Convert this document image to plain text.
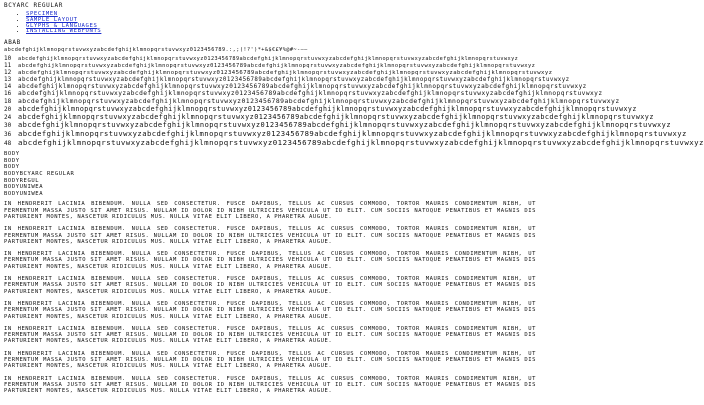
BCYARC REGULAR
• SPECIMEN
• SAMPLE LAYOUT
• GLYPHS & LANGUAGES
• INSTALLING WEBFONTS
ABAB
abcdefghijklmnopqrstuvwxyzabcdefghijklmnopqrstuvwxyz0123456789.:,;(!?')*+&$€£¥%@#~-–—
10	abcdefghijklmnopqrstuvwxyzabcdefghijklmnopqrstuvwxyz0123456789abcdefghijklmnopqrstuvwxyzabcdefghijklmnopqrstuvwxyzabcdefghijklmnopqrstuvwxyz
11	abcdefghijklmnopqrstuvwxyzabcdefghijklmnopqrstuvwxyz0123456789abcdefghijklmnopqrstuvwxyzabcdefghijklmnopqrstuvwxyzabcdefghijklmnopqrstuvwxyz
12	abcdefghijklmnopqrstuvwxyzabcdefghijklmnopqrstuvwxyz0123456789abcdefghijklmnopqrstuvwxyzabcdefghijklmnopqrstuvwxyzabcdefghijklmnopqrstuvwxyz
13	abcdefghijklmnopqrstuvwxyzabcdefghijklmnopqrstuvwxyz0123456789abcdefghijklmnopqrstuvwxyzabcdefghijklmnopqrstuvwxyzabcdefghijklmnopqrstuvwxyz
14	abcdefghijklmnopqrstuvwxyzabcdefghijklmnopqrstuvwxyz0123456789abcdefghijklmnopqrstuvwxyzabcdefghijklmnopqrstuvwxyzabcdefghijklmnopqrstuvwxyz
16	abcdefghijklmnopqrstuvwxyzabcdefghijklmnopqrstuvwxyz0123456789abcdefghijklmnopqrstuvwxyzabcdefghijklmnopqrstuvwxyzabcdefghijklmnopqrstuvwxyz
18	abcdefghijklmnopqrstuvwxyzabcdefghijklmnopqrstuvwxyz0123456789abcdefghijklmnopqrstuvwxyzabcdefghijklmnopqrstuvwxyzabcdefghijklmnopqrstuvwxyz
20	abcdefghijklmnopqrstuvwxyzabcdefghijklmnopqrstuvwxyz0123456789abcdefghijklmnopqrstuvwxyzabcdefghijklmnopqrstuvwxyzabcdefghijklmnopqrstuvwxyz
24 abcdefghijklmnopqrstuvwxyzabcdefghijklmnopqrstuvwxyz0123456789abcdefghijklmnopqrstuvwxyzabcdefghijklmnopqrstuvwxyzabcdefghijklmnopqrstuvwxyz
30 abcdefghijklmnopqrstuvwxyzabcdefghijklmnopqrstuvwxyz0123456789abcdefghijklmnopqrstuvwxyzabcdefghijklmnopqrstuvwxyzabcdefghijklmnopqrstuvwxyz
36 abcdefghijklmnopqrstuvwxyzabcdefghijklmnopqrstuvwxyz0123456789abcdefghijklmnopqrstuvwxyzabcdefghijklmnopqrstuvwxyzabcdefghijklmnopqrstuvwxyz
48 abcdefghijklmnopqrstuvwxyzabcdefghijklmnopqrstuvwxyz0123456789abcdefghijklmnopqrstuvwxyzabcdefghijklmnopqrstuvwxyzabcdefghijklmnopqrstuvwxyz
BODY
BODY
BODY
BODYBCYARC REGULAR
BODYREGUL
BODYUNIWEA
BODYUNIWEA

IN HENDRERIT LACINIA BIBENDUM. NULLA SED CONSECTETUR. FUSCE DAPIBUS, TELLUS AC CURSUS COMMODO, TORTOR MAURIS CONDIMENTUM NIBH, UT FERMENTUM MASSA JUSTO SIT AMET RISUS. NULLAM ID DOLOR ID NIBH ULTRICIES VEHICULA UT ID ELIT. CUM SOCIIS NATOQUE PENATIBUS ET MAGNIS DIS PARTURIENT MONTES, NASCETUR RIDICULUS MUS. NULLA VITAE ELIT LIBERO, A PHARETRA AUGUE.

IN HENDRERIT LACINIA BIBENDUM. NULLA SED CONSECTETUR. FUSCE DAPIBUS, TELLUS AC CURSUS COMMODO, TORTOR MAURIS CONDIMENTUM NIBH, UT FERMENTUM MASSA JUSTO SIT AMET RISUS. NULLAM ID DOLOR ID NIBH ULTRICIES VEHICULA UT ID ELIT. CUM SOCIIS NATOQUE PENATIBUS ET MAGNIS DIS PARTURIENT MONTES, NASCETUR RIDICULUS MUS. NULLA VITAE ELIT LIBERO, A PHARETRA AUGUE.

IN HENDRERIT LACINIA BIBENDUM. NULLA SED CONSECTETUR. FUSCE DAPIBUS, TELLUS AC CURSUS COMMODO, TORTOR MAURIS CONDIMENTUM NIBH, UT FERMENTUM MASSA JUSTO SIT AMET RISUS. NULLAM ID DOLOR ID NIBH ULTRICIES VEHICULA UT ID ELIT. CUM SOCIIS NATOQUE PENATIBUS ET MAGNIS DIS PARTURIENT MONTES, NASCETUR RIDICULUS MUS. NULLA VITAE ELIT LIBERO, A PHARETRA AUGUE.

IN HENDRERIT LACINIA BIBENDUM. NULLA SED CONSECTETUR. FUSCE DAPIBUS, TELLUS AC CURSUS COMMODO, TORTOR MAURIS CONDIMENTUM NIBH, UT FERMENTUM MASSA JUSTO SIT AMET RISUS. NULLAM ID DOLOR ID NIBH ULTRICIES VEHICULA UT ID ELIT. CUM SOCIIS NATOQUE PENATIBUS ET MAGNIS DIS PARTURIENT MONTES, NASCETUR RIDICULUS MUS. NULLA VITAE ELIT LIBERO, A PHARETRA AUGUE.

IN HENDRERIT LACINIA BIBENDUM. NULLA SED CONSECTETUR. FUSCE DAPIBUS, TELLUS AC CURSUS COMMODO, TORTOR MAURIS CONDIMENTUM NIBH, UT FERMENTUM MASSA JUSTO SIT AMET RISUS. NULLAM ID DOLOR ID NIBH ULTRICIES VEHICULA UT ID ELIT. CUM SOCIIS NATOQUE PENATIBUS ET MAGNIS DIS PARTURIENT MONTES, NASCETUR RIDICULUS MUS. NULLA VITAE ELIT LIBERO, A PHARETRA AUGUE.

IN HENDRERIT LACINIA BIBENDUM. NULLA SED CONSECTETUR. FUSCE DAPIBUS, TELLUS AC CURSUS COMMODO, TORTOR MAURIS CONDIMENTUM NIBH, UT FERMENTUM MASSA JUSTO SIT AMET RISUS. NULLAM ID DOLOR ID NIBH ULTRICIES VEHICULA UT ID ELIT. CUM SOCIIS NATOQUE PENATIBUS ET MAGNIS DIS PARTURIENT MONTES, NASCETUR RIDICULUS MUS. NULLA VITAE ELIT LIBERO, A PHARETRA AUGUE.

IN HENDRERIT LACINIA BIBENDUM. NULLA SED CONSECTETUR. FUSCE DAPIBUS, TELLUS AC CURSUS COMMODO, TORTOR MAURIS CONDIMENTUM NIBH, UT FERMENTUM MASSA JUSTO SIT AMET RISUS. NULLAM ID DOLOR ID NIBH ULTRICIES VEHICULA UT ID ELIT. CUM SOCIIS NATOQUE PENATIBUS ET MAGNIS DIS PARTURIENT MONTES, NASCETUR RIDICULUS MUS. NULLA VITAE ELIT LIBERO, A PHARETRA AUGUE.

IN HENDRERIT LACINIA BIBENDUM. NULLA SED CONSECTETUR. FUSCE DAPIBUS, TELLUS AC CURSUS COMMODO, TORTOR MAURIS CONDIMENTUM NIBH, UT FERMENTUM MASSA JUSTO SIT AMET RISUS. NULLAM ID DOLOR ID NIBH ULTRICIES VEHICULA UT ID ELIT. CUM SOCIIS NATOQUE PENATIBUS ET MAGNIS DIS PARTURIENT MONTES, NASCETUR RIDICULUS MUS. NULLA VITAE ELIT LIBERO, A PHARETRA AUGUE.
